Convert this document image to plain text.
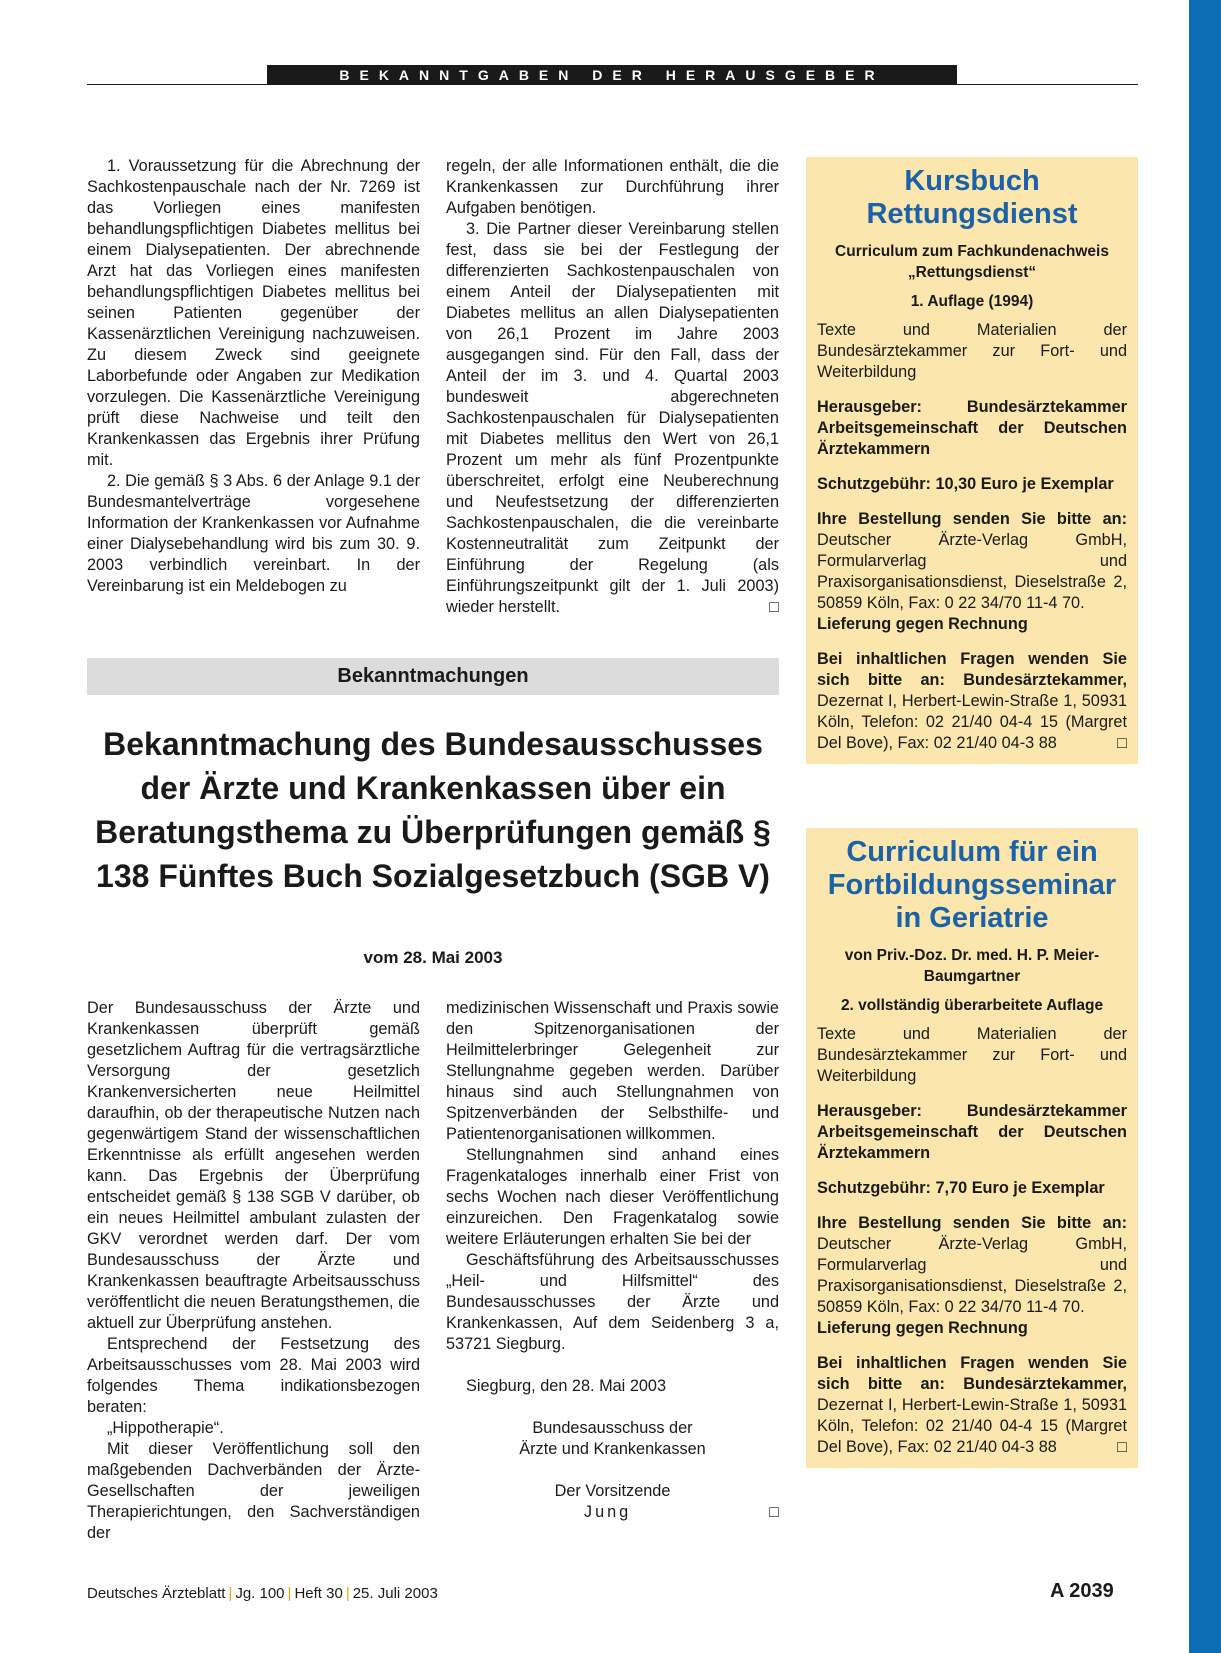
BEKANNTGABEN DER HERAUSGEBER

1. Voraussetzung für die Abrechnung der Sachkostenpauschale nach der Nr. 7269 ist das Vorliegen eines manifesten behandlungspflichtigen Diabetes mellitus bei einem Dialysepatienten. Der abrechnende Arzt hat das Vorliegen eines manifesten behandlungspflichtigen Diabetes mellitus bei seinen Patienten gegenüber der Kassenärztlichen Vereinigung nachzuweisen. Zu diesem Zweck sind geeignete Laborbefunde oder Angaben zur Medikation vorzulegen. Die Kassenärztliche Vereinigung prüft diese Nachweise und teilt den Krankenkassen das Ergebnis ihrer Prüfung mit.

2. Die gemäß § 3 Abs. 6 der Anlage 9.1 der Bundesmantelverträge vorgesehene Information der Krankenkassen vor Aufnahme einer Dialysebehandlung wird bis zum 30. 9. 2003 verbindlich vereinbart. In der Vereinbarung ist ein Meldebogen zu

regeln, der alle Informationen enthält, die die Krankenkassen zur Durchführung ihrer Aufgaben benötigen.

3. Die Partner dieser Vereinbarung stellen fest, dass sie bei der Festlegung der differenzierten Sachkostenpauschalen von einem Anteil der Dialysepatienten mit Diabetes mellitus an allen Dialysepatienten von 26,1 Prozent im Jahre 2003 ausgegangen sind. Für den Fall, dass der Anteil der im 3. und 4. Quartal 2003 bundesweit abgerechneten Sachkostenpauschalen für Dialysepatienten mit Diabetes mellitus den Wert von 26,1 Prozent um mehr als fünf Prozentpunkte überschreitet, erfolgt eine Neuberechnung und Neufestsetzung der differenzierten Sachkostenpauschalen, die die vereinbarte Kostenneutralität zum Zeitpunkt der Einführung der Regelung (als Einführungszeitpunkt gilt der 1. Juli 2003) wieder herstellt.	□

Kursbuch Rettungsdienst
Curriculum zum Fachkundenachweis „Rettungsdienst“
1. Auflage (1994)

Texte und Materialien der Bundesärztekammer zur Fort- und Weiterbildung

Herausgeber: Bundesärztekammer Arbeitsgemeinschaft der Deutschen Ärztekammern

Schutzgebühr: 10,30 Euro je Exemplar

Ihre Bestellung senden Sie bitte an: Deutscher Ärzte-Verlag GmbH, Formularverlag und Praxisorganisationsdienst, Dieselstraße 2, 50859 Köln, Fax: 0 22 34/70 11-4 70.

Lieferung gegen Rechnung

Bei inhaltlichen Fragen wenden Sie sich bitte an: Bundesärztekammer, Dezernat I, Herbert-Lewin-Straße 1, 50931 Köln, Telefon: 02 21/40 04-4 15 (Margret Del Bove), Fax: 02 21/40 04-3 88	□

Curriculum für ein Fortbildungsseminar in Geriatrie
von Priv.-Doz. Dr. med. H. P. Meier-Baumgartner
2. vollständig überarbeitete Auflage

Texte und Materialien der Bundesärztekammer zur Fort- und Weiterbildung

Herausgeber: Bundesärztekammer Arbeitsgemeinschaft der Deutschen Ärztekammern

Schutzgebühr: 7,70 Euro je Exemplar

Ihre Bestellung senden Sie bitte an: Deutscher Ärzte-Verlag GmbH, Formularverlag und Praxisorganisationsdienst, Dieselstraße 2, 50859 Köln, Fax: 0 22 34/70 11-4 70.

Lieferung gegen Rechnung

Bei inhaltlichen Fragen wenden Sie sich bitte an: Bundesärztekammer, Dezernat I, Herbert-Lewin-Straße 1, 50931 Köln, Telefon: 02 21/40 04-4 15 (Margret Del Bove), Fax: 02 21/40 04-3 88	□

Bekanntmachungen
Bekanntmachung des Bundesausschusses der Ärzte und Krankenkassen über ein Beratungsthema zu Überprüfungen gemäß § 138 Fünftes Buch Sozialgesetzbuch (SGB V)
vom 28. Mai 2003

Der Bundesausschuss der Ärzte und Krankenkassen überprüft gemäß gesetzlichem Auftrag für die vertragsärztliche Versorgung der gesetzlich Krankenversicherten neue Heilmittel daraufhin, ob der therapeutische Nutzen nach gegenwärtigem Stand der wissenschaftlichen Erkenntnisse als erfüllt angesehen werden kann. Das Ergebnis der Überprüfung entscheidet gemäß § 138 SGB V darüber, ob ein neues Heilmittel ambulant zulasten der GKV verordnet werden darf. Der vom Bundesausschuss der Ärzte und Krankenkassen beauftragte Arbeitsausschuss veröffentlicht die neuen Beratungsthemen, die aktuell zur Überprüfung anstehen.

Entsprechend der Festsetzung des Arbeitsausschusses vom 28. Mai 2003 wird folgendes Thema indikationsbezogen beraten:

„Hippotherapie“.

Mit dieser Veröffentlichung soll den maßgebenden Dachverbänden der Ärzte-Gesellschaften der jeweiligen Therapierichtungen, den Sachverständigen der

medizinischen Wissenschaft und Praxis sowie den Spitzenorganisationen der Heilmittelerbringer Gelegenheit zur Stellungnahme gegeben werden. Darüber hinaus sind auch Stellungnahmen von Spitzenverbänden der Selbsthilfe- und Patientenorganisationen willkommen.

Stellungnahmen sind anhand eines Fragenkataloges innerhalb einer Frist von sechs Wochen nach dieser Veröffentlichung einzureichen. Den Fragenkatalog sowie weitere Erläuterungen erhalten Sie bei der

Geschäftsführung des Arbeitsausschusses „Heil- und Hilfsmittel“ des Bundesausschusses der Ärzte und Krankenkassen, Auf dem Seidenberg 3 a, 53721 Siegburg.

Siegburg, den 28. Mai 2003

Bundesausschuss der

Ärzte und Krankenkassen

Der Vorsitzende

Jung	□

Deutsches Ärzteblatt | Jg. 100 | Heft 30 | 25. Juli 2003	A 2039
